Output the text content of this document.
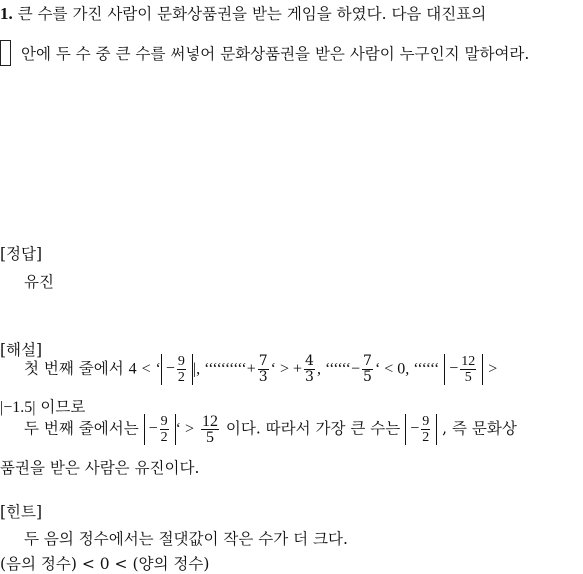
1. 큰 수를 가진 사람이 문화상품권을 받는 게임을 하였다. 다음 대진표의
안에 두 수 중 큰 수를 써넣어 문화상품권을 받은 사람이 누구인지 말하여라.
[정답]
유진
[해설]
첫 번째 줄에서 4 < ‘ − $\frac{9}{2}$ |, ‘‘‘‘‘‘‘‘‘‘+ $\frac{7}{3}$ ‘ > + $\frac{4}{3}$ , ‘‘‘‘‘‘− $\frac{7}{5}$ ‘ < 0, ‘‘‘‘‘‘ − $\frac{12}{5}$ >
|−1.5| 이므로
두 번째 줄에서는 − $\frac{9}{2}$ ‘ > $\frac{12}{5}$ 이다. 따라서 가장 큰 수는 − $\frac{9}{2}$ , 즉 문화상
품권을 받은 사람은 유진이다.
[힌트]
두 음의 정수에서는 절댓값이 작은 수가 더 크다.
(음의 정수) < 0 < (양의 정수)
